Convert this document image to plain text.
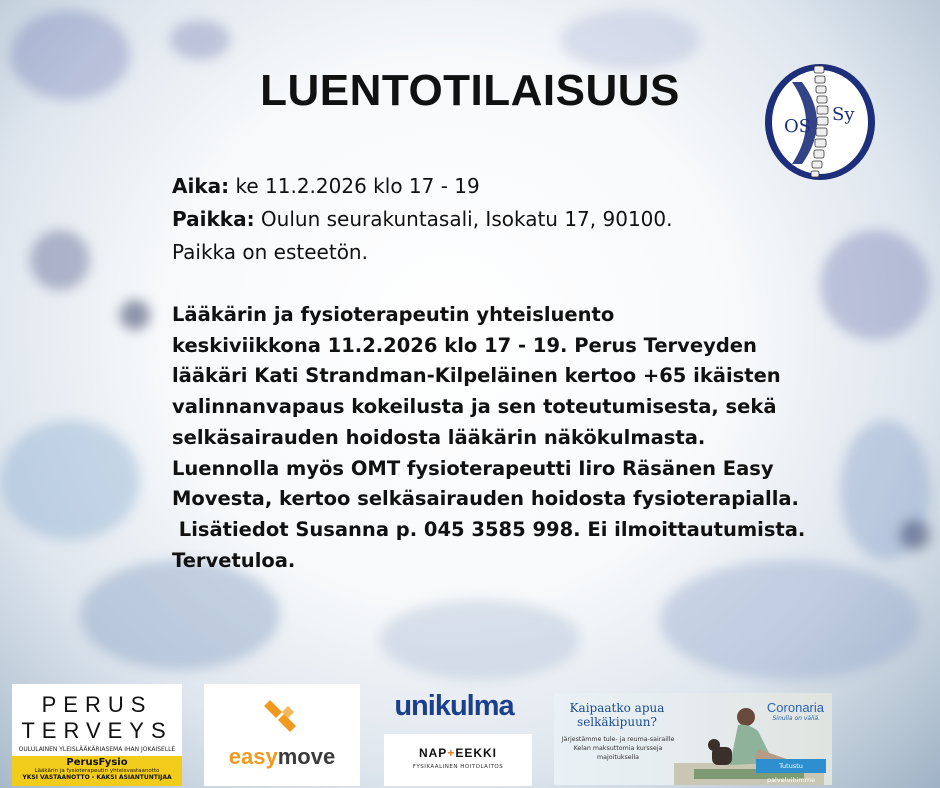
LUENTOTILAISUUS
OS
Sy
Aika: ke 11.2.2026 klo 17 - 19
Paikka: Oulun seurakuntasali, Isokatu 17, 90100.
Paikka on esteetön.
Lääkärin ja fysioterapeutin yhteisluento
keskiviikkona 11.2.2026 klo 17 - 19. Perus Terveyden
lääkäri Kati Strandman-Kilpeläinen kertoo +65 ikäisten
valinnanvapaus kokeilusta ja sen toteutumisesta, sekä
selkäsairauden hoidosta lääkärin näkökulmasta.
Luennolla myös OMT fysioterapeutti Iiro Räsänen Easy
Movesta, kertoo selkäsairauden hoidosta fysioterapialla.
Lisätiedot Susanna p. 045 3585 998. Ei ilmoittautumista.
Tervetuloa.
PERUS
TERVEYS
OULULAINEN YLEISLÄÄKÄRIASEMA IHAN JOKAISELLE
PerusFysio
Lääkärin ja fysioterapeutin yhteisvastaanotto
YKSI VASTAANOTTO - KAKSI ASIANTUNTIJAA
easymove
unikulma
NAP+EEKKI
FYSIKAALINEN HOITOLAITOS
Kaipaatko apua selkäkipuun?
Järjestämme tule- ja reuma-sairaille Kelan maksuttomia kursseja majoituksella
Coronaria
Sinulla on väliä.
Tutustu palveluihimme
